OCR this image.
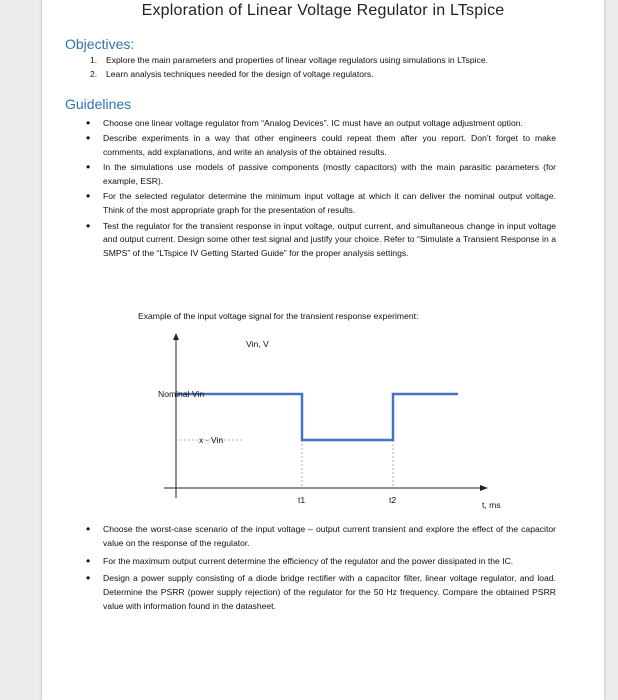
Exploration of Linear Voltage Regulator in LTspice
Objectives:
1. Explore the main parameters and properties of linear voltage regulators using simulations in LTspice.
2. Learn analysis techniques needed for the design of voltage regulators.
Guidelines
• Choose one linear voltage regulator from “Analog Devices”. IC must have an output voltage adjustment option.
• Describe experiments in a way that other engineers could repeat them after you report. Don’t forget to make comments, add explanations, and write an analysis of the obtained results.
• In the simulations use models of passive components (mostly capacitors) with the main parasitic parameters (for example, ESR).
• For the selected regulator determine the minimum input voltage at which it can deliver the nominal output voltage. Think of the most appropriate graph for the presentation of results.
• Test the regulator for the transient response in input voltage, output current, and simultaneous change in input voltage and output current. Design some other test signal and justify your choice. Refer to “Simulate a Transient Response in a SMPS” of the “LTspice IV Getting Started Guide” for the proper analysis settings.
Example of the input voltage signal for the transient response experiment:
Vin, V
Nominal Vin
x · Vin
t1	t2	t, ms
• Choose the worst-case scenario of the input voltage – output current transient and explore the effect of the capacitor value on the response of the regulator.
• For the maximum output current determine the efficiency of the regulator and the power dissipated in the IC.
• Design a power supply consisting of a diode bridge rectifier with a capacitor filter, linear voltage regulator, and load. Determine the PSRR (power supply rejection) of the regulator for the 50 Hz frequency. Compare the obtained PSRR value with information found in the datasheet.
